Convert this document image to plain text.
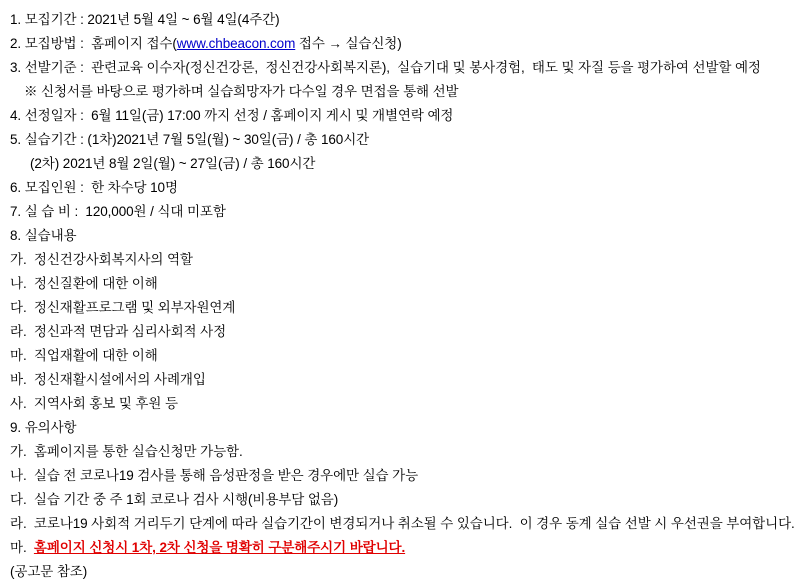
1. 모집기간 : 2021년 5월 4일 ~ 6월 4일(4주간)
2. 모집방법 :  홈페이지 접수(www.chbeacon.com 접수 → 실습신청)
3. 선발기준 :  관련교육 이수자(정신건강론,  정신건강사회복지론),  실습기대 및 봉사경험,  태도 및 자질 등을 평가하여 선발할 예정
※ 신청서를 바탕으로 평가하며 실습희망자가 다수일 경우 면접을 통해 선발
4. 선정일자 :  6월 11일(금) 17:00 까지 선정 / 홈페이지 게시 및 개별연락 예정
5. 실습기간 : (1차)2021년 7월 5일(월) ~ 30일(금) / 총 160시간
(2차) 2021년 8월 2일(월) ~ 27일(금) / 총 160시간
6. 모집인원 :  한 차수당 10명
7. 실 습 비 :  120,000원 / 식대 미포함
8. 실습내용
가.  정신건강사회복지사의 역할
나.  정신질환에 대한 이해
다.  정신재활프로그램 및 외부자원연계
라.  정신과적 면담과 심리사회적 사정
마.  직업재활에 대한 이해
바.  정신재활시설에서의 사례개입
사.  지역사회 홍보 및 후원 등
9. 유의사항
가.  홈페이지를 통한 실습신청만 가능함.
나.  실습 전 코로나19 검사를 통해 음성판정을 받은 경우에만 실습 가능
다.  실습 기간 중 주 1회 코로나 검사 시행(비용부담 없음)
라.  코로나19 사회적 거리두기 단계에 따라 실습기간이 변경되거나 취소될 수 있습니다.  이 경우 동계 실습 선발 시 우선권을 부여합니다.
마.  홈페이지 신청시 1차, 2차 신청을 명확히 구분해주시기 바랍니다.
(공고문 참조)
